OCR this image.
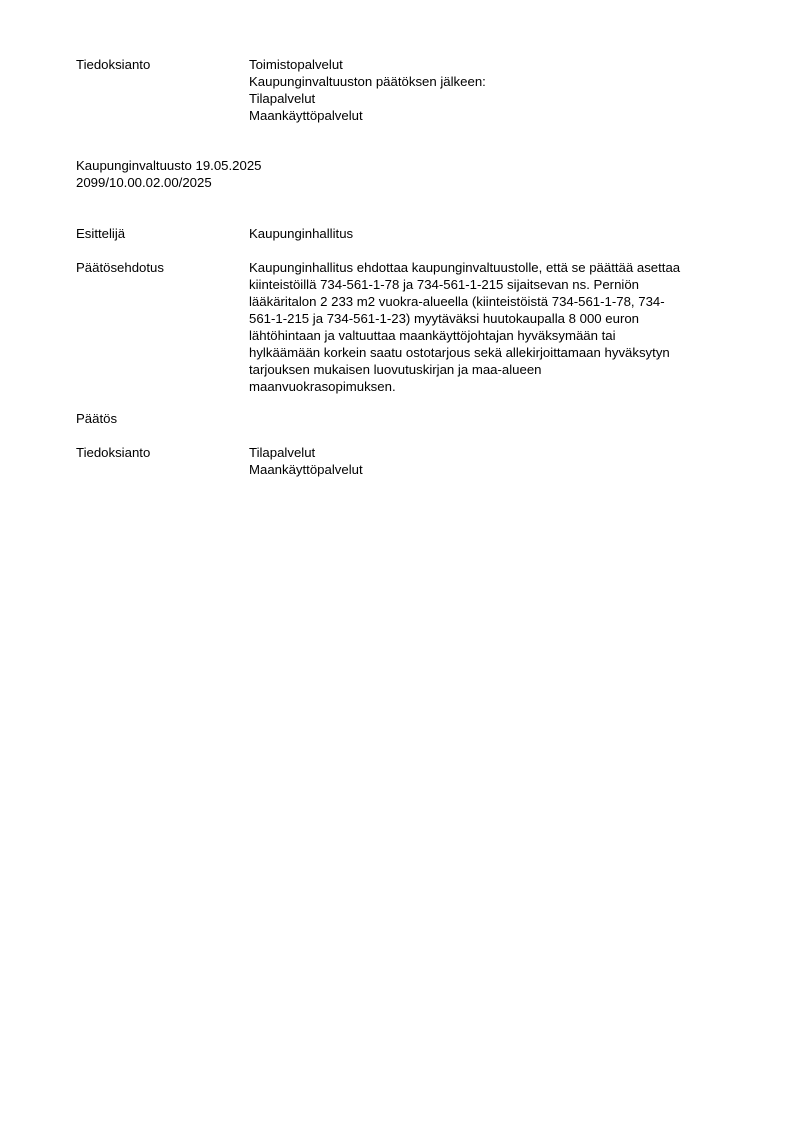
Tiedoksianto	Toimistopalvelut
Kaupunginvaltuuston päätöksen jälkeen:
Tilapalvelut
Maankäyttöpalvelut
Kaupunginvaltuusto 19.05.2025
2099/10.00.02.00/2025
Esittelijä	Kaupunginhallitus
Päätösehdotus	Kaupunginhallitus ehdottaa kaupunginvaltuustolle, että se päättää asettaa
kiinteistöillä 734-561-1-78 ja 734-561-1-215 sijaitsevan ns. Perniön
lääkäritalon 2 233 m2 vuokra-alueella (kiinteistöistä 734-561-1-78, 734-
561-1-215 ja 734-561-1-23) myytäväksi huutokaupalla 8 000 euron
lähtöhintaan ja valtuuttaa maankäyttöjohtajan hyväksymään tai
hylkäämään korkein saatu ostotarjous sekä allekirjoittamaan hyväksytyn
tarjouksen mukaisen luovutuskirjan ja maa-alueen
maanvuokrasopimuksen.
Päätös
Tiedoksianto	Tilapalvelut
Maankäyttöpalvelut
